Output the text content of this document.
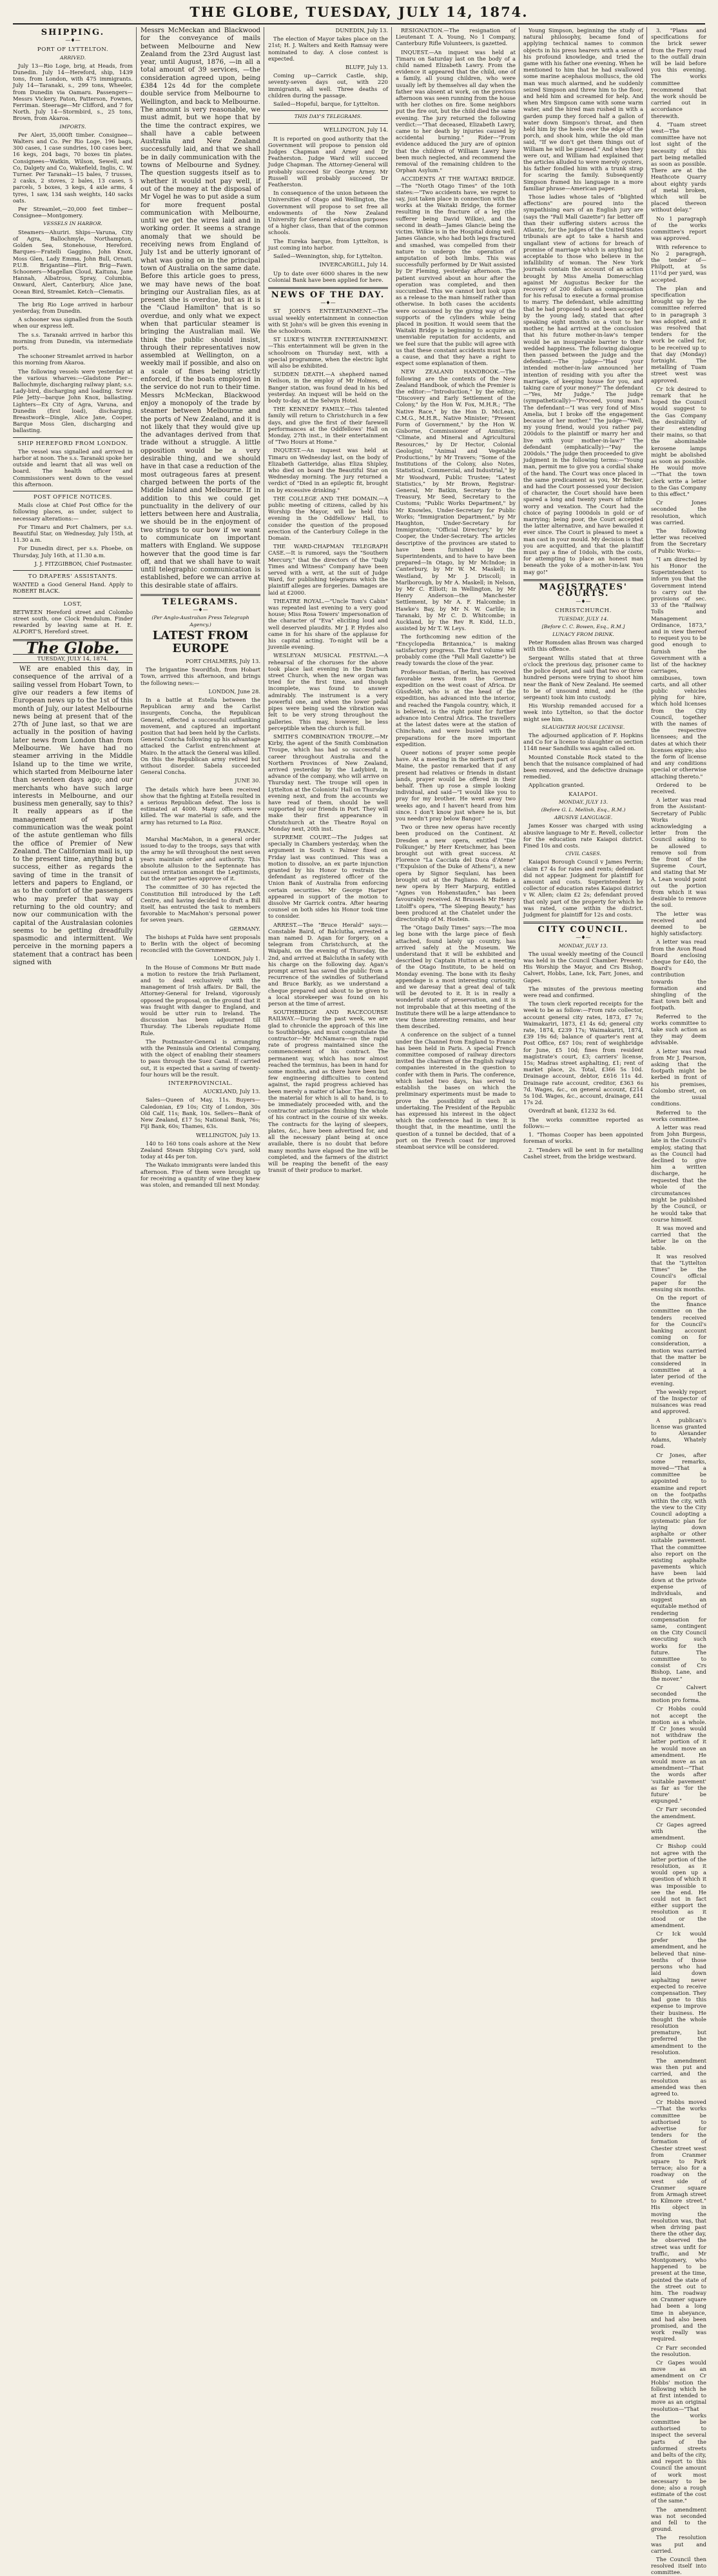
THE GLOBE, TUESDAY, JULY 14, 1874.
SHIPPING.
—♦—
PORT OF LYTTELTON.
ARRIVED.

July 13—Rio Loge, brig, at Heads, from Dunedin. July 14—Hereford, ship, 1439 tons, from London, with 475 immigrants. July 14—Taranaki, s., 299 tons, Wheeler, from Dunedin via Oamaru. Passengers—Messrs Vickery, Paton, Patterson, Fownes, Ferriman. Steerage—Mr Clifford, and 7 for North. July 14—Stormbird, s., 25 tons, Brown, from Akaroa.

IMPORTS.

Per Alert, 35,000ft timber. Consignee—Walters and Co. Per Rio Loge, 196 bags, 300 cases, 1 case sundries, 100 cases beer, 16 kegs, 204 bags, 70 boxes tin plates. Consignees—Watkin, Wilson, Sewell, and Co, Dalgety and Co, Wakefield, Inglis, C. W. Turner. Per Taranaki—15 bales, 7 trusses, 2 casks, 2 stoves, 2 bales, 13 cases, 5 parcels, 5 boxes, 3 kegs, 4 axle arms, 4 tyres, 1 saw, 134 sash weights, 140 sacks oats.

Per Streamlet,—20,000 feet timber—Consignee—Montgomery.

VESSELS IN HARBOR.

Steamers—Ahuriri. Ships—Varuna, City of Agra, Ballochmyle, Northampton, Golden Sea, Stonehouse, Hereford. Barques—Fratelli Gaggino, John Knox, Moss Glen, Lady Emma, John Bull, Ornati, P.U.B. Brigantine—Flirt. Brig—Fawn. Schooners—Magellan Cloud, Kaituna, Jane Hannah, Albatross, Spray, Columbia, Onward, Alert, Canterbury, Alice Jane, Ocean Bird, Streamlet. Ketch—Clematis.

The brig Rio Loge arrived in harbour yesterday, from Dunedin.

A schooner was signalled from the South when our express left.

The s.s. Taranaki arrived in harbor this morning from Dunedin, via intermediate ports.

The schooner Streamlet arrived in harbor this morning from Akaroa.

The following vessels were yesterday at the various wharves:—Gladstone Pier—Ballochmyle, discharging railway plant; s.s. Lady-bird, discharging and loading. Screw Pile Jetty—barque John Knox, ballasting. Lighters—Ex City of Agra, Varuna, and Dunedin (first load), discharging. Breastwork—Dingle, Alice Jane, Cooper, Barque Moss Glen, discharging and ballasting.

SHIP HEREFORD FROM LONDON.

The vessel was signalled and arrived in harbor at noon. The s.s. Taranaki spoke her outside and learnt that all was well on board. The health officer and Commissioners went down to the vessel this afternoon.

POST OFFICE NOTICES.

Mails close at Chief Post Office for the following places, as under, subject to necessary alterations:—

For Timaru and Port Chalmers, per s.s. Beautiful Star, on Wednesday, July 15th, at 11.30 a.m.

For Dunedin direct, per s.s. Phoebe, on Thursday, July 16th, at 11.30 a.m.

J. J. FITZGIBBON, Chief Postmaster.

TO DRAPERS' ASSISTANTS.

WANTED a Good General Hand. Apply to ROBERT BLACK.

LOST,

BETWEEN Hereford street and Colombo street south, one Clock Pendulum. Finder rewarded by leaving same at H. E. ALPORT'S, Hereford street.

The Globe.
TUESDAY, JULY 14, 1874.

WE are enabled this day, in consequence of the arrival of a sailing vessel from Hobart Town, to give our readers a few items of European news up to the 1st of this month of July, our latest Melbourne news being at present that of the 27th of June last, so that we are actually in the position of having later news from London than from Melbourne. We have had no steamer arriving in the Middle Island up to the time we write, which started from Melbourne later than seventeen days ago; and our merchants who have such large interests in Melbourne, and our business men generally, say to this? It really appears as if the management of postal communication was the weak point of the astute gentleman who fills the office of Premier of New Zealand. The Californian mail is, up to the present time, anything but a success, either as regards the saving of time in the transit of letters and papers to England, or as to the comfort of the passengers who may prefer that way of returning to the old country; and now our communication with the capital of the Australasian colonies seems to be getting dreadfully spasmodic and intermittent. We perceive in the morning papers a statement that a contract has been signed with

Messrs McMeckan and Blackwood for the conveyance of mails between Melbourne and New Zealand from the 23rd August last year, until August, 1876, —in all a total amount of 39 services, —the consideration agreed upon, being £384 12s 4d for the complete double service from Melbourne to Wellington, and back to Melbourne. The amount is very reasonable, we must admit, but we hope that by the time the contract expires, we shall have a cable between Australia and New Zealand successfully laid, and that we shall be in daily communication with the towns of Melbourne and Sydney. The question suggests itself as to whether it would not pay well, if out of the money at the disposal of Mr Vogel he was to put aside a sum for more frequent postal communication with Melbourne, until we get the wires laid and in working order. It seems a strange anomaly that we should be receiving news from England of July 1st and be utterly ignorant of what was going on in the principal town of Australia on the same date. Before this article goes to press, we may have news of the boat bringing our Australian files, as at present she is overdue, but as it is the "Claud Hamilton" that is so overdue, and only what we expect when that particular steamer is bringing the Australian mail. We think the public should insist, through their representatives now assembled at Wellington, on a weekly mail if possible, and also on a scale of fines being strictly enforced, if the boats employed in the service do not run to their time. Messrs McMeckan, Blackwood enjoy a monopoly of the trade by steamer between Melbourne and the ports of New Zealand, and it is not likely that they would give up the advantages derived from that trade without a struggle. A little opposition would be a very desirable thing, and we should have in that case a reduction of the most outrageous fares at present charged between the ports of the Middle Island and Melbourne. If in addition to this we could get punctuality in the delivery of our letters between here and Australia, we should be in the enjoyment of two strings to our bow if we want to communicate on important matters with England. We suppose however that the good time is far off, and that we shall have to wait until telegraphic communication is established, before we can arrive at this desirable state of affairs.

TELEGRAMS.
—♦—
(Per Anglo-Australian Press Telegraph Agency.)
LATEST FROM EUROPE

PORT CHALMERS, July 13.

The brigantine Swordfish, from Hobart Town, arrived this afternoon, and brings the following news:—

LONDON, June 28.

In a battle at Estella between the Republican army and the Carlist insurgents, Concha, the Republican General, effected a successful outflanking movement, and captured an important position that had been held by the Carlists. General Concha following up his advantage attacked the Carlist entrenchment at Mairo. In the attack the General was killed. On this the Republican army retired but without disorder. Sabela succeeded General Concha.

JUNE 30.

The details which have been received show that the fighting at Estella resulted in a serious Republican defeat. The loss is estimated at 4000. Many officers were killed. The war material is safe, and the army has returned to La Rioz.

FRANCE.

Marshal MacMahon, in a general order issued to-day to the troops, says that with the army he will throughout the next seven years maintain order and authority. This absolute allusion to the Septennate has caused irritation amongst the Legitimists, but the other parties approve of it.

The committee of 30 has rejected the Constitution Bill introduced by the Left Centre, and having decided to draft a Bill itself, has entrusted the task to members favorable to MacMahon's personal power for seven years.

GERMANY.

The bishops at Fulda have sent proposals to Berlin with the object of becoming reconciled with the Government.

LONDON, July 1.

In the House of Commons Mr Butt made a motion to restore the Irish Parliament, and to deal exclusively with the management of Irish affairs. Dr Ball, the Attorney-General for Ireland, vigorously opposed the proposal, on the ground that it was fraught with danger to England, and would be utter ruin to Ireland. The discussion has been adjourned till Thursday. The Liberals repudiate Home Rule.

The Postmaster-General is arranging with the Peninsula and Oriental Company, with the object of enabling their steamers to pass through the Suez Canal. If carried out, it is expected that a saving of twenty-four hours will be the result.

INTERPROVINCIAL.

AUCKLAND, July 13.

Sales—Queen of May, 11s. Buyers—Caledonian, £9 10s; City of London, 30s Old Calf, 11s; Bank, 10s. Sellers—Bank of New Zealand, £17 5s; National Bank, 76s; Fiji Bank, 60s; Thames, 63s.

WELLINGTON, July 13.

140 to 160 tons coals ashore at the New Zealand Steam Shipping Co's yard, sold today at 44s per ton.

The Waikato immigrants were landed this afternoon. Five of them were brought up for receiving a quantity of wine they knew was stolen, and remanded till next Monday.

DUNEDIN, July 13.

The election of Mayor takes place on the 21st; H. J. Walters and Keith Ramsay were nominated to day. A close contest is expected.

BLUFF, July 13.

Coming up—Carrick Castle, ship, seventy-seven days out, with 220 immigrants, all well. Three deaths of children during the passage.

Sailed—Hopeful, barque, for Lyttelton.

THIS DAY'S TELEGRAMS.

WELLINGTON, July 14.

It is reported on good authority that the Government will propose to pension old Judges Chapman and Arney and Dr Featherston. Judge Ward will succeed Judge Chapman. The Attorney-General will probably succeed Sir George Arney. Mr Russell will probably succeed Dr Featherston.

In consequence of the union between the Universities of Otago and Wellington, the Government will propose to set free all endowments of the New Zealand University for General education purposes of a higher class, than that of the common schools.

The Eureka barque, from Lyttelton, is just coming into harbor.

Sailed—Wennington, ship, for Lyttelton.

INVERCARGILL, July 14.

Up to date over 6000 shares in the new Colonial Bank have been applied for here.

NEWS OF THE DAY.
—♦—

ST JOHN'S ENTERTAINMENT.—The usual weekly entertainment in connection with St John's will be given this evening in the schoolroom.

ST LUKE'S WINTER ENTERTAINMENT.—This entertainment will be given in the schoolroom on Thursday next, with a special programme, when the electric light will also be exhibited.

SUDDEN DEATH.—A shepherd named Neilson, in the employ of Mr Holmes, of Banger station, was found dead in his bed yesterday. An inquest will be held on the body to-day, at the Selwyn Hotel.

THE KENNEDY FAMILY.—This talented family will return to Christchurch in a few days, and give the first of their farewell performances at the Oddfellows' Hall on Monday, 27th inst., in their entertainment of "Two Hours at Home."

INQUEST.—An inquest was held at Timaru on Wednesday last, on the body of Elizabeth Gatteridge, alias Eliza Shipley, who died on board the Beautiful Star on Wednesday morning. The jury returned a verdict of "Died in an epileptic fit, brought on by excessive drinking."

THE COLLEGE AND THE DOMAIN.—A public meeting of citizens, called by his Worship the Mayor, will be held this evening in the Oddfellows' Hall, to consider the question of the proposed erection of the Canterbury College in the Domain.

THE WARD-CHAPMAN TELEGRAPH CASE.—It is rumored, says the "Southern Mercury," that the directors of the "Daily Times and Witness" Company have been served with a writ, at the suit of Judge Ward, for publishing telegrams which the plaintiff alleges are forgeries. Damages are laid at £2000.

THEATRE ROYAL.—"Uncle Tom's Cabin" was repeated last evening to a very good house; Miss Rosa Towers' impersonation of the character of "Eva" eliciting loud and well deserved plaudits. Mr J. P. Hydes also came in for his share of the applause for his capital acting. To-night will be a juvenile evening.

WESLEYAN MUSICAL FESTIVAL.—A rehearsal of the choruses for the above took place last evening in the Durham street Church, when the new organ was tried for the first time, and though incomplete, was found to answer admirably. The instrument is a very powerful one, and when the lower pedal pipes were being used the vibration was felt to be very strong throughout the galleries. This may, however, be less perceptible when the church is full.

SMITH'S COMBINATION TROUPE.—Mr Kirby, the agent of the Smith Combination Troupe, which has had so successful a career throughout Australia and the Northern Provinces of New Zealand, arrived yesterday by the Ladybird, in advance of the company, who will arrive on Thursday next. The troupe will open in Lyttelton at the Colonists' Hall on Thursday evening next, and from the accounts we have read of them, should be well supported by our friends in Port. They will make their first appearance in Christchurch at the Theatre Royal on Monday next, 20th inst.

SUPREME COURT.—The Judges sat specially in Chambers yesterday, when the argument in South v. Palmer fixed on Friday last was continued. This was a motion to dissolve, an ex parte injunction granted by his Honor to restrain the defendant as registered officer of the Union Bank of Australia from enforcing certain securities. Mr George Harper appeared in support of the motion to dissolve Mr Garrick contra. After hearing counsel on both sides his Honor took time to consider.

ARREST.—The "Bruce Herald" says:—Constable Baird, of Balclutha, arrested a man named D. Agan for forgery, on a telegram from Christchurch, at the Waipahi, on the evening of Thursday, the 2nd, and arrived at Balclutha in safety with his charge on the following day. Agan's prompt arrest has saved the public from a recurrence of the swindles of Sutherland and Bruce Barkly, as we understand a cheque prepared and about to be given to a local storekeeper was found on his person at the time of arrest.

SOUTHBRIDGE AND RACECOURSE RAILWAY.—During the past week, we are glad to chronicle the approach of this line to Southbridge, and must congratulate the contractor—Mr McNamara—on the rapid rate of progress maintained since the commencement of his contract. The permanent way, which has now almost reached the terminus, has been in hand for some months, and as there have been but few engineering difficulties to contend against, the rapid progress achieved has been merely a matter of labor. The fencing, the material for which is all to hand, is to be immediately proceeded with, and the contractor anticipates finishing the whole of his contract in the course of six weeks. The contracts for the laying of sleepers, plates, &c., have been advertised for, and all the necessary plant being at once available, there is no doubt that before many months have elapsed the line will be completed, and the farmers of the district will be reaping the benefit of the easy transit of their produce to market.

RESIGNATION.—The resignation of Lieutenant T. A. Young, No 1 Company, Canterbury Rifle Volunteers, is gazetted.

INQUEST.—An inquest was held at Timaru on Saturday last on the body of a child named Elizabeth Lawry. From the evidence it appeared that the child, one of a family, all young children, who were usually left by themselves all day when the father was absent at work, on the previous afternoon was seen running from the house with her clothes on fire. Some neighbors put the fire out, but the child died the same evening. The jury returned the following verdict:—"That deceased, Elizabeth Lawry, came to her death by injuries caused by accidental burning." Rider—"From evidence adduced the jury are of opinion that the children of William Lawry have been much neglected, and recommend the removal of the remaining children to the Orphan Asylum."

ACCIDENTS AT THE WAITAKI BRIDGE.—The "North Otago Times" of the 10th states:—"Two accidents have, we regret to say, just taken place in connection with the works at the Waitaki Bridge, the former resulting in the fracture of a leg (the sufferer being David Wilkie), and the second in death—James Glancie being the victim. Wilkie is in the Hospital doing well. James Glancie, who had both legs fractured and smashed, was compelled from their nature to undergo the operation of amputation of both limbs. This was successfully performed by Dr Wait assisted by Dr Fleming, yesterday afternoon. The patient survived about an hour after the operation was completed, and then succumbed. This we cannot but look upon as a release to the man himself rather than otherwise. In both cases the accidents were occasioned by the giving way of the supports of the cylinders while being placed in position. It would seem that the Waitaki Bridge is beginning to acquire an unenviable reputation for accidents, and we feel sure that the public will agree with us that these constant accidents must have a cause, and that they have a right to expect some explanation of them.

NEW ZEALAND HANDBOOK.—The following are the contents of the New Zealand Handbook, of which the Premier is the editor:—"Introduction," by the editor; "Discovery and Early Settlement of the Colony," by the Hon W. Fox, M.H.R.; "The Native Race," by the Hon D. McLean, C.M.G., M.H.R., Native Minister; "Present Form of Government," by the Hon W. Gisborne, Commissioner of Annuities; "Climate, and Mineral and Agricultural Resources," by Dr Hector, Colonial Geologist; "Animal and Vegetable Productions," by Mr Travers; "Some of the Institutions of the Colony, also Notes, Statistical, Commercial, and Industrial," by Mr Woodward, Public Trustee; "Latest Statistics," by Mr Brown, Registrar-General, Mr Batkin, Secretary to the Treasury, Mr Seed, Secretary to the Customs; "Public Works Department," by Mr Knowles, Under-Secretary for Public Works; "Immigration Department," by Mr Haughton, Under-Secretary for Immigration; "Official Directory," by Mr Cooper, the Under-Secretary. The articles descriptive of the provinces are stated to have been furnished by the Superintendents, and to have to have been prepared—In Otago, by Mr McIndoe; in Canterbury, by Mr W. M. Maskell; in Westland, by Mr J. Driscoll; in Marlborough, by Mr A. Maskell; in Nelson, by Mr C. Elliott; in Wellington, by Mr Henry Anderson—the Manchester Settlement, by Mr A. F. Halcombe; in Hawke's Bay, by Mr N. W. Carlile; in Taranaki, by Mr C. D. Whitcombe; in Auckland, by the Rev R. Kidd, LL.D., assisted by Mr T. W. Leys.

The forthcoming new edition of the "Encyclopedia Britannica," is making satisfactory progress. The first volume will probably come (the "Pall Mall Gazette") be ready towards the close of the year.

Professor Bastian, of Berlin, has received favorable news from the German expedition on the west coast of Africa. Dr Güssfeldt, who is at the head of the expedition, has advanced into the interior, and reached the Fangola country, which, it is believed, is the right point for further advance into Central Africa. The travellers at the latest dates were at the station of Chinchato, and were busied with the preparations for the more important expedition.

Queer notions of prayer some people have. At a meeting in the northern part of Maine, the pastor remarked that if any present had relatives or friends in distant lands, prayer would be offered in their behalf. Then up rose a simple looking individual, and said—"I would like you to pray for my brother. He went away two weeks ago, and I haven't heard from him since. I don't know just where he is, but you needn't pray below Bangor."

Two or three new operas have recently been produced on the Continent. At Dresden a new opera, entitled "Die Folkunger," by Herr Kretschmer, has been brought out with great success. At Florence "La Cacciata del Duca d'Atene" ("Expulsion of the Duke of Athens"), a new opera by Signor Sequlani, has been brought out at the Pagliano. At Baden a new opera by Herr Marpurg, entitled "Agnes von Hohenstaufen," has been favourably received. At Brussels Mr Henry Litolff's opera, "The Sleeping Beauty," has been produced at the Chatelet under the directorship of M. Hostein.

The "Otago Daily Times" says:—The moa leg bone with the large piece of flesh attached, found lately up country, has arrived safely at the Museum. We understand that it will be exhibited and described by Captain Hutton at a meeting of the Otago Institute, to be held on Monday evening. The bone with its fleshy appendage is a most interesting curiosity, and we daresay that a great deal of talk will be devoted to it. It is in really a wonderful state of preservation, and it is not improbable that at this meeting of the Institute there will be a large attendance to view these interesting remains, and hear them described.

A conference on the subject of a tunnel under the Channel from England to France has been held in Paris. A special French committee composed of railway directors invited the chairmen of the English railway companies interested in the question to confer with them in Paris. The conference, which lasted two days, has served to establish the bases on which the preliminary experiments must be made to prove the possibility of such an undertaking. The President of the Republic has expressed his interest in the object which the conference had in view. It is thought that, in the meantime, until the question of a tunnel be decided, that of a port on the French coast for improved steamboat service will be considered.

Young Simpson, beginning the study of natural philosophy, became fond of applying technical names to common objects in his press hearers with a sense of his profound knowledge, and tried the game with his father one evening. When he mentioned to him that he had swallowed some marine acephalous molluscs, the old man was much alarmed, and he suddenly seized Simpson and threw him to the floor, and held him and screamed for help. And when Mrs Simpson came with some warm water, and the hired man rushed in with a garden pump they forced half a gallon of water down Simpson's throat, and then held him by the heels over the edge of the porch, and shook him, while the old man said, "If we don't get them things out of William he will be pizened." And when they were out, and William had explained that the articles alluded to were merely oysters, his father fondled him with a trunk strap for scaring the family. Subsequently Simpson framed his language in a more familiar phrase—American paper.

Those ladies whose tales of "blighted affections" are poured into the sympathising ears of an English jury are (says the "Pall Mall Gazette") far better off than their suffering sisters across the Atlantic, for the judges of the United States tribunals are apt to take a harsh and ungallant view of actions for breach of promise of marriage which is anything but acceptable to those who believe in the infallibility of woman. The New York journals contain the account of an action brought by Miss Amelia Domerschlag against Mr Augustus Becker for the recovery of 200 dollars as compensation for his refusal to execute a formal promise to marry. The defendant, while admitting that he had proposed to and been accepted by the young lady, stated that after speaking eight months on a visit to her mother, he had arrived at the conclusion that his future mother-in-law's temper would be an insuperable barrier to their wedded happiness. The following dialogue then passed between the judge and the defendant:—The judge—"Had your intended mother-in-law announced her intention of residing with you after the marriage, of keeping house for you, and taking care of your money?" The defendant—"Yes, Mr Judge." The judge (sympathetically)—"Proceed, young man." The defendant—"I was very fond of Miss Amelia, but I broke off the engagement because of her mother." The judge—"Well, my young friend, would you rather pay 200dols to the plaintiff or marry her and live with your mother-in-law?" The defendant (emphatically)—"Pay the 200dols." The judge then proceeded to give judgment in the following terms:—"Young man, permit me to give you a cordial shake of the hand. The Court was once placed in the same predicament as you, Mr Becker, and had the Court possessed your decision of character, the Court should have been spared a long and twenty years of infinite worry and vexation. The Court had the choice of paying 1000dols in gold or of marrying; being poor, the Court accepted the latter alternative, and have bewailed it ever since. The Court is pleased to meet a man cast in your mould. My decision is that you are acquitted, and that the plaintiff must pay a fine of 10dols, with the costs, for attempting to place an honest man beneath the yoke of a mother-in-law. You may go!"

MAGISTRATES' COURTS.
—♦—
CHRISTCHURCH.
TUESDAY, JULY 14.
[Before C. C. Bowen, Esq., R.M.]
LUNACY FROM DRINK.

Peter Romsden alias Brown was charged with this offence.

Sergeant Willis stated that at three o'clock the previous day, prisoner came to the police depot, and said that two or three hundred persons were trying to shoot him near the Bank of New Zealand. He seemed to be of unsound mind, and he (the sergeant) took him into custody.

His Worship remanded accused for a week into Lyttelton, so that the doctor might see him.

SLAUGHTER HOUSE LICENSE.

The adjourned application of F. Hopkins and Co for a license to slaughter on section 1148 near Sandhills was again called on.

Mounted Constable Rock stated to the bench that the nuisance complained of had been removed, and the defective drainage remedied.

Application granted.

KAIAPOI.
MONDAY, JULY 13.
(Before G. L. Mellish, Esq., R.M.)
ABUSIVE LANGUAGE.

James Kosser was charged with using abusive language to Mr E. Revell, collector for the education rate Kaiapoi district. Fined 10s and costs.

CIVIL CASES.

Kaiapoi Borough Council v James Perrin; claim £7 4s for rates and rents; defendant did not appear. Judgment for plaintiff for amount and costs. Superintendent by collector of education rates Kaiapoi district v W. Allen; claim £2 2s; defendant proved that only part of the property for which he was rated, came within the district. Judgment for plaintiff for 12s and costs.

CITY COUNCIL.
—♦—
MONDAY, JULY 13.

The usual weekly meeting of the Council was held in the Council Chamber. Present: His Worship the Mayor, and Crs Bishop, Calvert, Hobbs, Lane, Ick, Farr, Jones, and Gapes.

The minutes of the previous meeting were read and confirmed.

The town clerk reported receipts for the week to be as follow:—From rate collector, account general city rates, 1873, £7 7s; Waimakariri, 1873, £1 4s 6d; general city rate, 1874, £239 17s; Waimakariri, 1874, £39 19s 6d; balance of quarter's rent at Post Office, £67 10s; rent of weighbridge for June, £5 10d; fines from resident magistrate's court, £3; carriers' license, 15s; Madras street asphalting, £1; rent of market place, 2s. Total, £366 5s 10d. Drainage account, debtor, £616 11s 4d. Drainage rate account, creditor, £363 6s 7d. Wages, &c., on general account, £214 5s 10d. Wages, &c., account, drainage, £41 17s 2d.

Overdraft at bank, £1232 3s 6d.

The works committee reported as follows:—

1. "Thomas Cooper has been appointed foreman of works.

2. "Tenders will be sent in for metalling Cashel street, from the bridge westward.

3. "Plans and specifications for the brick sewer from the Ferry road to the outfall drain will be laid before you this evening. The works committee recommend that the work should be carried out in accordance therewith.

4. "Tuam street west—The committee have not lost sight of the necessity of this part being metalled as soon as possible. There are at the Heathcote Quarry about eighty yards of metal broken, which will be placed thereon without delay."

No 1 paragraph of the works committee's report was approved.

With reference to No 2 paragraph, the tender of—Philpott, at 5s 11½d per yard, was accepted.

The plan and specification brought up by the committee referred to in paragraph 3 was adopted, and it was resolved that tenders for the work be called for, to be received up to that day (Monday) fortnight. The metalling of Tuam street west was approved.

Cr Ick desired to remark that he hoped the Council would suggest to the Gas Company the desirability of their extending their mains, so that the abominable kerosene lamps might be abolished as soon as possible. He would move—"That the town clerk write a letter to the Gas Company to this effect."

Cr Jones seconded the resolution, which was carried.

The following letter was received from the Secretary of Public Works:—

"I am directed by his Honor the Superintendent to inform you that the Government intend to carry out the provisions of sec. 33 of the "Railway Tolls and Management Ordinance, 1873," and in view thereof to request you to be good enough to furnish the Government with a list of the hackney carriages, omnibuses, town carts, and all other public vehicles plying for hire, which hold licenses from the City Council, together with the names of the respective licensees; and the dates at which their licenses expire; also the form of license and any conditions special or otherwise attaching thereto."

Ordered to be received.

A letter was read from the Assistant-Secretary of Public Works acknowledging a letter from the Council asking to be allowed to remove soil from the front of the Supreme Court, and stating that Mr A. Lean would point out the portion from which it was desirable to remove the soil.

The letter was received and deemed to be highly satisfactory.

A letter was read from the Avon Road Board enclosing cheque for £40, the Board's contribution towards the formation and shingling of the East town belt and footpath.

Referred to the works committee to take such action as they may deem advisable.

A letter was read from Mr J. Pearson, asking that the footpath might be kerbed in front of his premises, Colombo street, on the usual conditions.

Referred to the works committee.

A letter was read from John Burgess, late in the Council's employ, stating that as the Council had declined to give him a written discharge, he requested that the whole of the circumstances might be published by the Council, or he would take that course himself.

It was moved and carried that the letter lie on the table.

It was resolved that the "Lyttelton Times" be the Council's official paper for the ensuing six months.

On the report of the finance committee on the tenders received for the Council's banking account coming on for consideration, a motion was carried that the matter be considered in committee at a later period of the evening.

The weekly report of the Inspector of nuisances was read and approved.

A publican's license was granted to Alexander Adams, Whately road.

Cr Jones, after some remarks, moved—"That a committee be appointed to examine and report on the footpaths within the city, with the view to the City Council adopting a systematic plan for laying down asphalte or other suitable pavement. That the committee also report on the existing asphalte pavements which have been laid down at the private expense of individuals, and suggest an equitable method of rendering compensation for same, contingent on the City Council executing such works for the future. The committee to consist of Crs Bishop, Lane, and the mover."

Cr Calvert seconded the motion pro forma.

Cr Hobbs could not accept the motion as a whole. If Cr Jones would not withdraw the latter portion of it he would move an amendment. He would move as an amendment—"That the words after 'suitable pavement' as far as 'for the future' be expunged."

Cr Farr seconded the amendment.

Cr Gapes agreed with the amendment.

Cr Bishop could not agree with the latter portion of the resolution, as it would open up a question of which it was impossible to see the end. He could not in fact either support the resolution as it stood or the amendment.

Cr Ick would prefer the amendment, and he believed that nine-tenths of those persons who had laid down asphalting never expected to receive compensation. They had gone to this expense to improve their business. He thought the whole resolution premature, but preferred the amendment to the resolution.

The amendment was then put and carried, and the resolution as amended was then agreed to.

Cr Hobbs moved—"That the works committee be authorised to advertise for tenders for the formation of Chester street west from Cranmer square to Park terrace; also for a roadway on the west side of Cranmer square from Armagh street to Kilmore street." His object in moving the resolution was, that when driving past there the other day, he observed the street was unfit for traffic, and Mr Montgomery, who happened to be present at the time, pointed the state of the street out to him. The roadway on Cranmer square had been a long time in abeyance, and had also been promised, and the work really was required.

Cr Farr seconded the resolution.

Cr Gapes would move as an amendment on Cr Hobbs' motion the following which he at first intended to move as an original resolution—"That the works committee be authorised to inspect the several parts of the unformed streets and belts of the city, and report to this Council the amount of work most necessary to be done; also a rough estimate of the cost of the same."

The amendment was not seconded and fell to the ground.

The resolution was put and carried.

The Council then resolved itself into committee.
